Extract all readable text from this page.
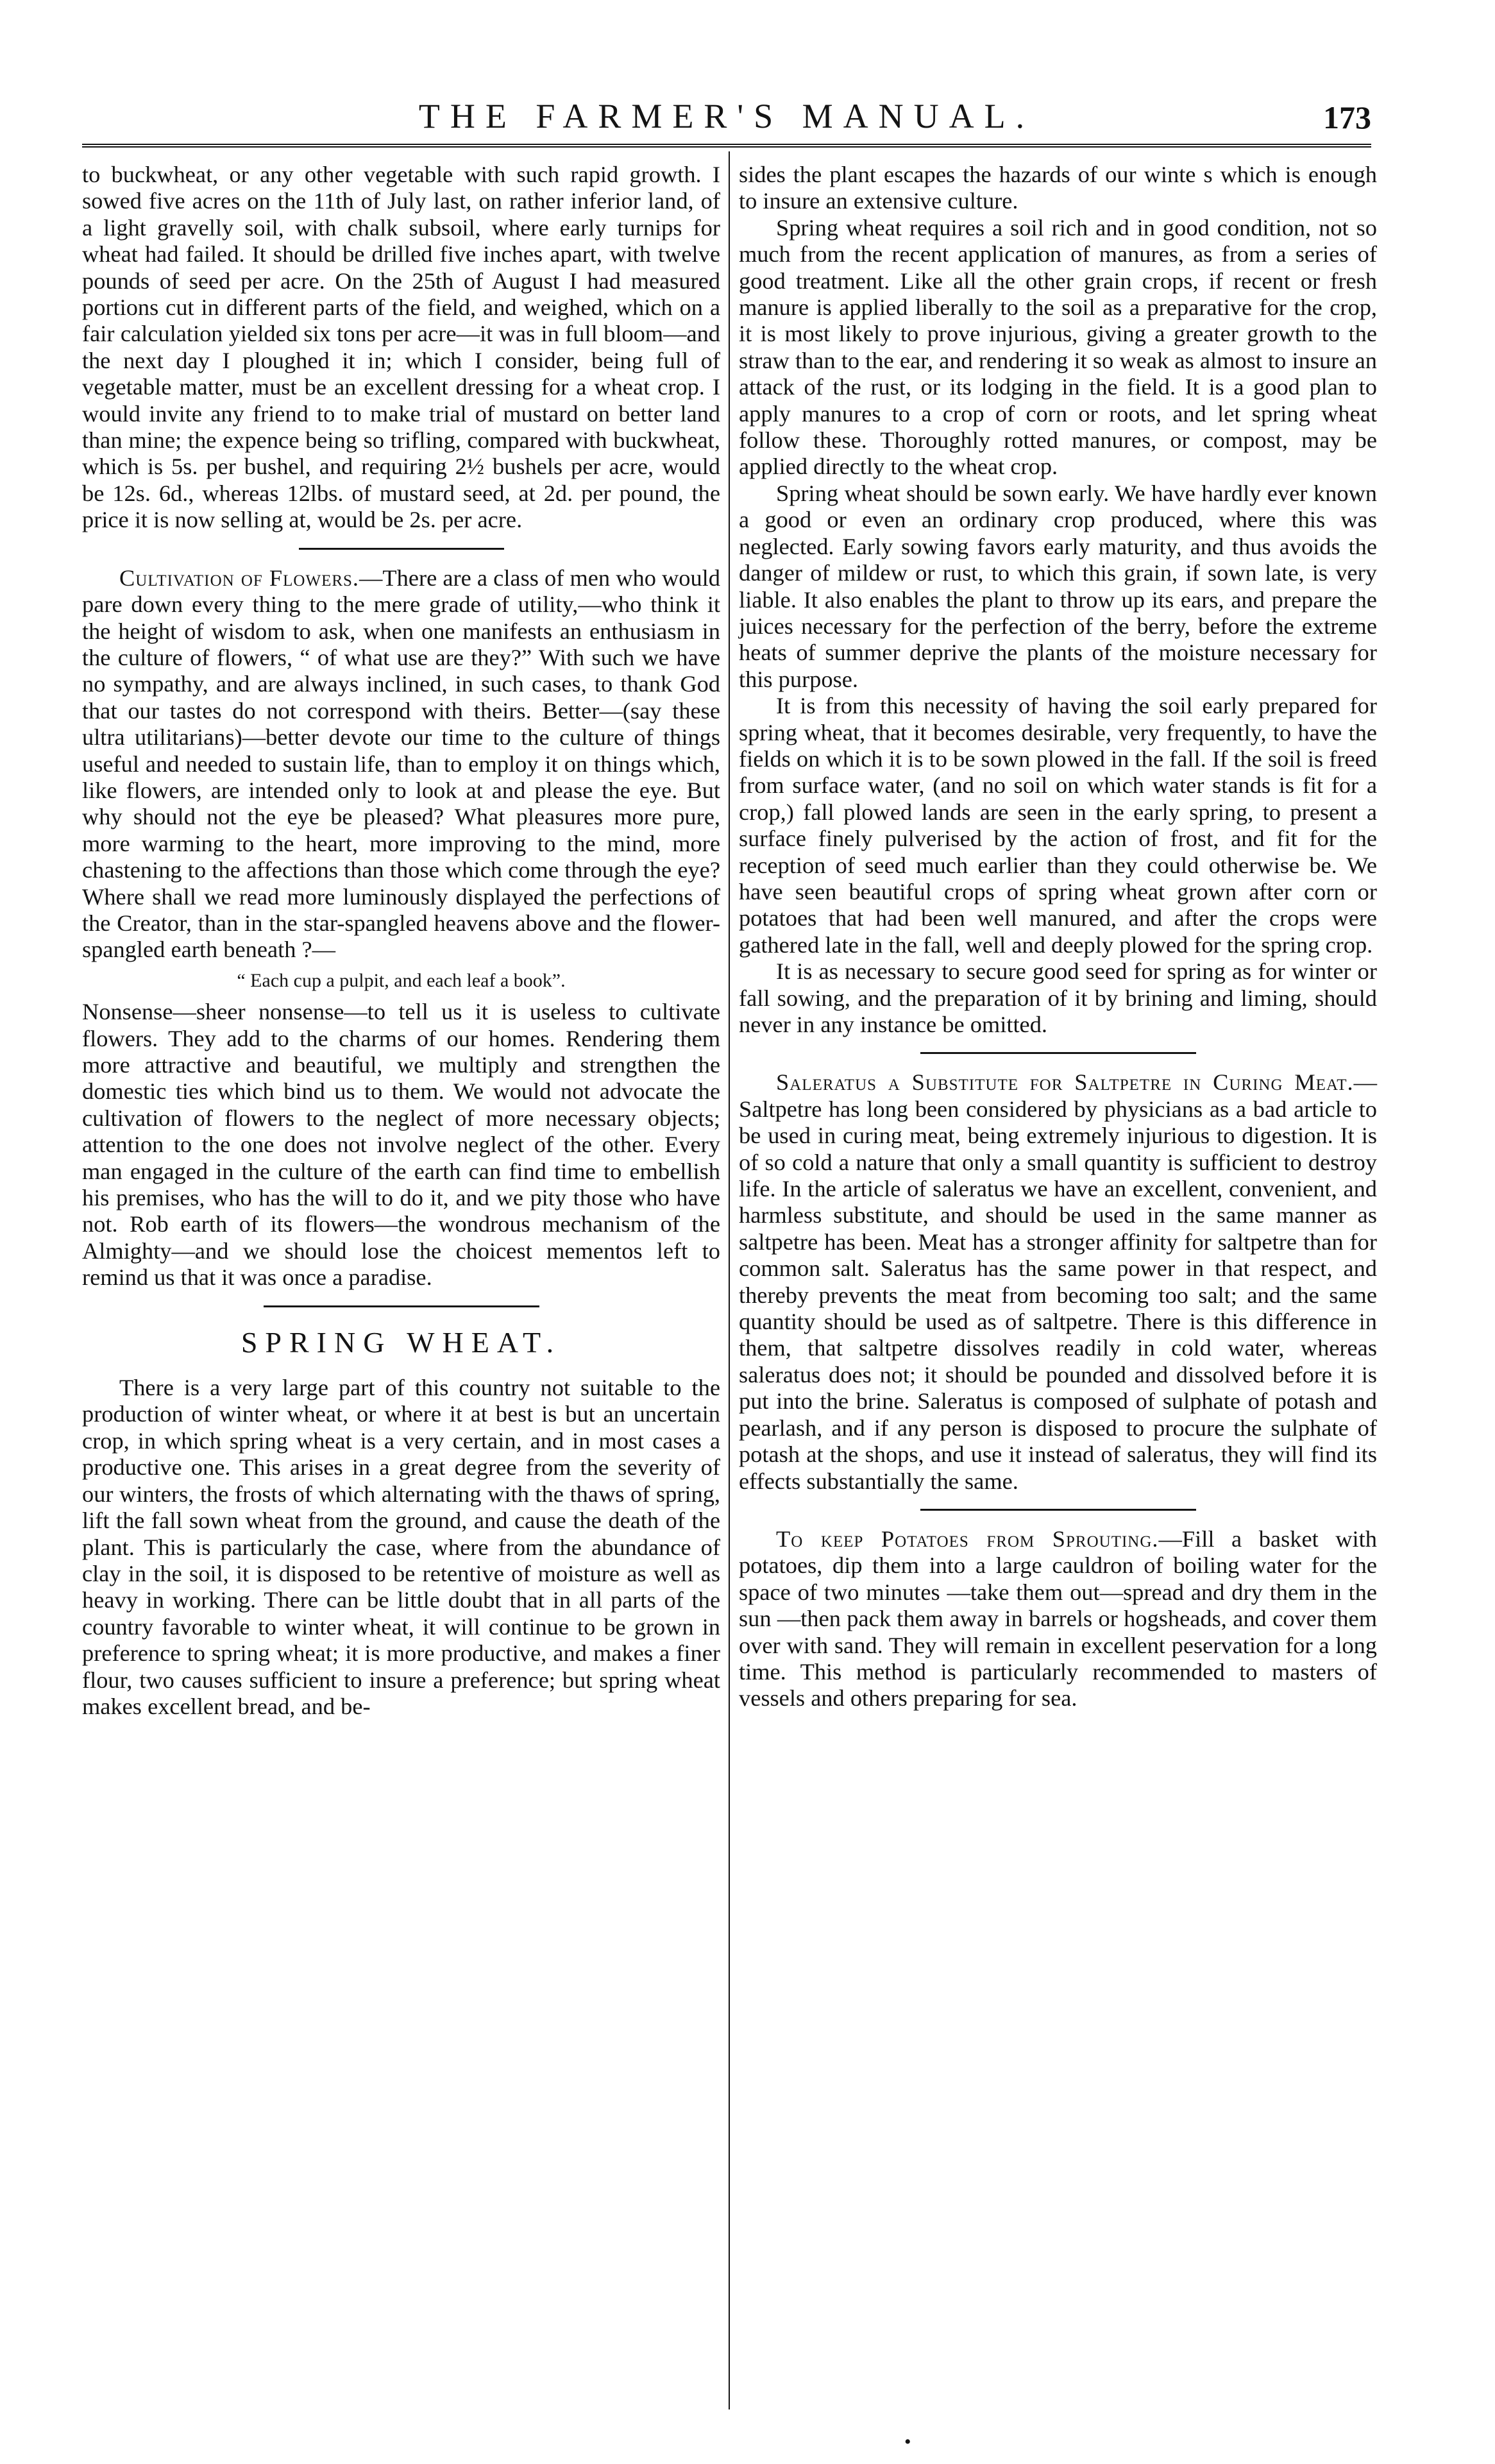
THE FARMER'S MANUAL.	173

to buckwheat, or any other vegetable with such rapid growth. I sowed five acres on the 11th of July last, on rather inferior land, of a light gravelly soil, with chalk subsoil, where early turnips for wheat had failed. It should be drilled five inches apart, with twelve pounds of seed per acre. On the 25th of August I had measured portions cut in different parts of the field, and weighed, which on a fair calculation yielded six tons per acre—it was in full bloom—and the next day I ploughed it in; which I consider, being full of vegetable matter, must be an excellent dressing for a wheat crop. I would invite any friend to to make trial of mustard on better land than mine; the expence being so trifling, compared with buckwheat, which is 5s. per bushel, and requiring 2½ bushels per acre, would be 12s. 6d., whereas 12lbs. of mustard seed, at 2d. per pound, the price it is now selling at, would be 2s. per acre.

Cultivation of Flowers.—There are a class of men who would pare down every thing to the mere grade of utility,—who think it the height of wisdom to ask, when one manifests an enthusiasm in the culture of flowers, “ of what use are they?” With such we have no sympathy, and are always inclined, in such cases, to thank God that our tastes do not correspond with theirs. Better—(say these ultra utilitarians)—better devote our time to the culture of things useful and needed to sustain life, than to employ it on things which, like flowers, are intended only to look at and please the eye. But why should not the eye be pleased? What pleasures more pure, more warming to the heart, more improving to the mind, more chastening to the affections than those which come through the eye? Where shall we read more luminously displayed the perfections of the Creator, than in the star-spangled heavens above and the flower-spangled earth beneath ?—

“ Each cup a pulpit, and each leaf a book”.

Nonsense—sheer nonsense—to tell us it is useless to cultivate flowers. They add to the charms of our homes. Rendering them more attractive and beautiful, we multiply and strengthen the domestic ties which bind us to them. We would not advocate the cultivation of flowers to the neglect of more necessary objects; attention to the one does not involve neglect of the other. Every man engaged in the culture of the earth can find time to embellish his premises, who has the will to do it, and we pity those who have not. Rob earth of its flowers—the wondrous mechanism of the Almighty—and we should lose the choicest mementos left to remind us that it was once a paradise.

SPRING WHEAT.

There is a very large part of this country not suitable to the production of winter wheat, or where it at best is but an uncertain crop, in which spring wheat is a very certain, and in most cases a productive one. This arises in a great degree from the severity of our winters, the frosts of which alternating with the thaws of spring, lift the fall sown wheat from the ground, and cause the death of the plant. This is particularly the case, where from the abundance of clay in the soil, it is disposed to be retentive of moisture as well as heavy in working. There can be little doubt that in all parts of the country favorable to winter wheat, it will continue to be grown in preference to spring wheat; it is more productive, and makes a finer flour, two causes sufficient to insure a preference; but spring wheat makes excellent bread, and be-

sides the plant escapes the hazards of our winte s which is enough to insure an extensive culture.

Spring wheat requires a soil rich and in good condition, not so much from the recent application of manures, as from a series of good treatment. Like all the other grain crops, if recent or fresh manure is applied liberally to the soil as a preparative for the crop, it is most likely to prove injurious, giving a greater growth to the straw than to the ear, and rendering it so weak as almost to insure an attack of the rust, or its lodging in the field. It is a good plan to apply manures to a crop of corn or roots, and let spring wheat follow these. Thoroughly rotted manures, or compost, may be applied directly to the wheat crop.

Spring wheat should be sown early. We have hardly ever known a good or even an ordinary crop produced, where this was neglected. Early sowing favors early maturity, and thus avoids the danger of mildew or rust, to which this grain, if sown late, is very liable. It also enables the plant to throw up its ears, and prepare the juices necessary for the perfection of the berry, before the extreme heats of summer deprive the plants of the moisture necessary for this purpose.

It is from this necessity of having the soil early prepared for spring wheat, that it becomes desirable, very frequently, to have the fields on which it is to be sown plowed in the fall. If the soil is freed from surface water, (and no soil on which water stands is fit for a crop,) fall plowed lands are seen in the early spring, to present a surface finely pulverised by the action of frost, and fit for the reception of seed much earlier than they could otherwise be. We have seen beautiful crops of spring wheat grown after corn or potatoes that had been well manured, and after the crops were gathered late in the fall, well and deeply plowed for the spring crop.

It is as necessary to secure good seed for spring as for winter or fall sowing, and the preparation of it by brining and liming, should never in any instance be omitted.

Saleratus a Substitute for Saltpetre in Curing Meat.—Saltpetre has long been considered by physicians as a bad article to be used in curing meat, being extremely injurious to digestion. It is of so cold a nature that only a small quantity is sufficient to destroy life. In the article of saleratus we have an excellent, convenient, and harmless substitute, and should be used in the same manner as saltpetre has been. Meat has a stronger affinity for saltpetre than for common salt. Saleratus has the same power in that respect, and thereby prevents the meat from becoming too salt; and the same quantity should be used as of saltpetre. There is this difference in them, that saltpetre dissolves readily in cold water, whereas saleratus does not; it should be pounded and dissolved before it is put into the brine. Saleratus is composed of sulphate of potash and pearlash, and if any person is disposed to procure the sulphate of potash at the shops, and use it instead of saleratus, they will find its effects substantially the same.

To keep Potatoes from Sprouting.—Fill a basket with potatoes, dip them into a large cauldron of boiling water for the space of two minutes —take them out—spread and dry them in the sun —then pack them away in barrels or hogsheads, and cover them over with sand. They will remain in excellent peservation for a long time. This method is particularly recommended to masters of vessels and others preparing for sea.

•
